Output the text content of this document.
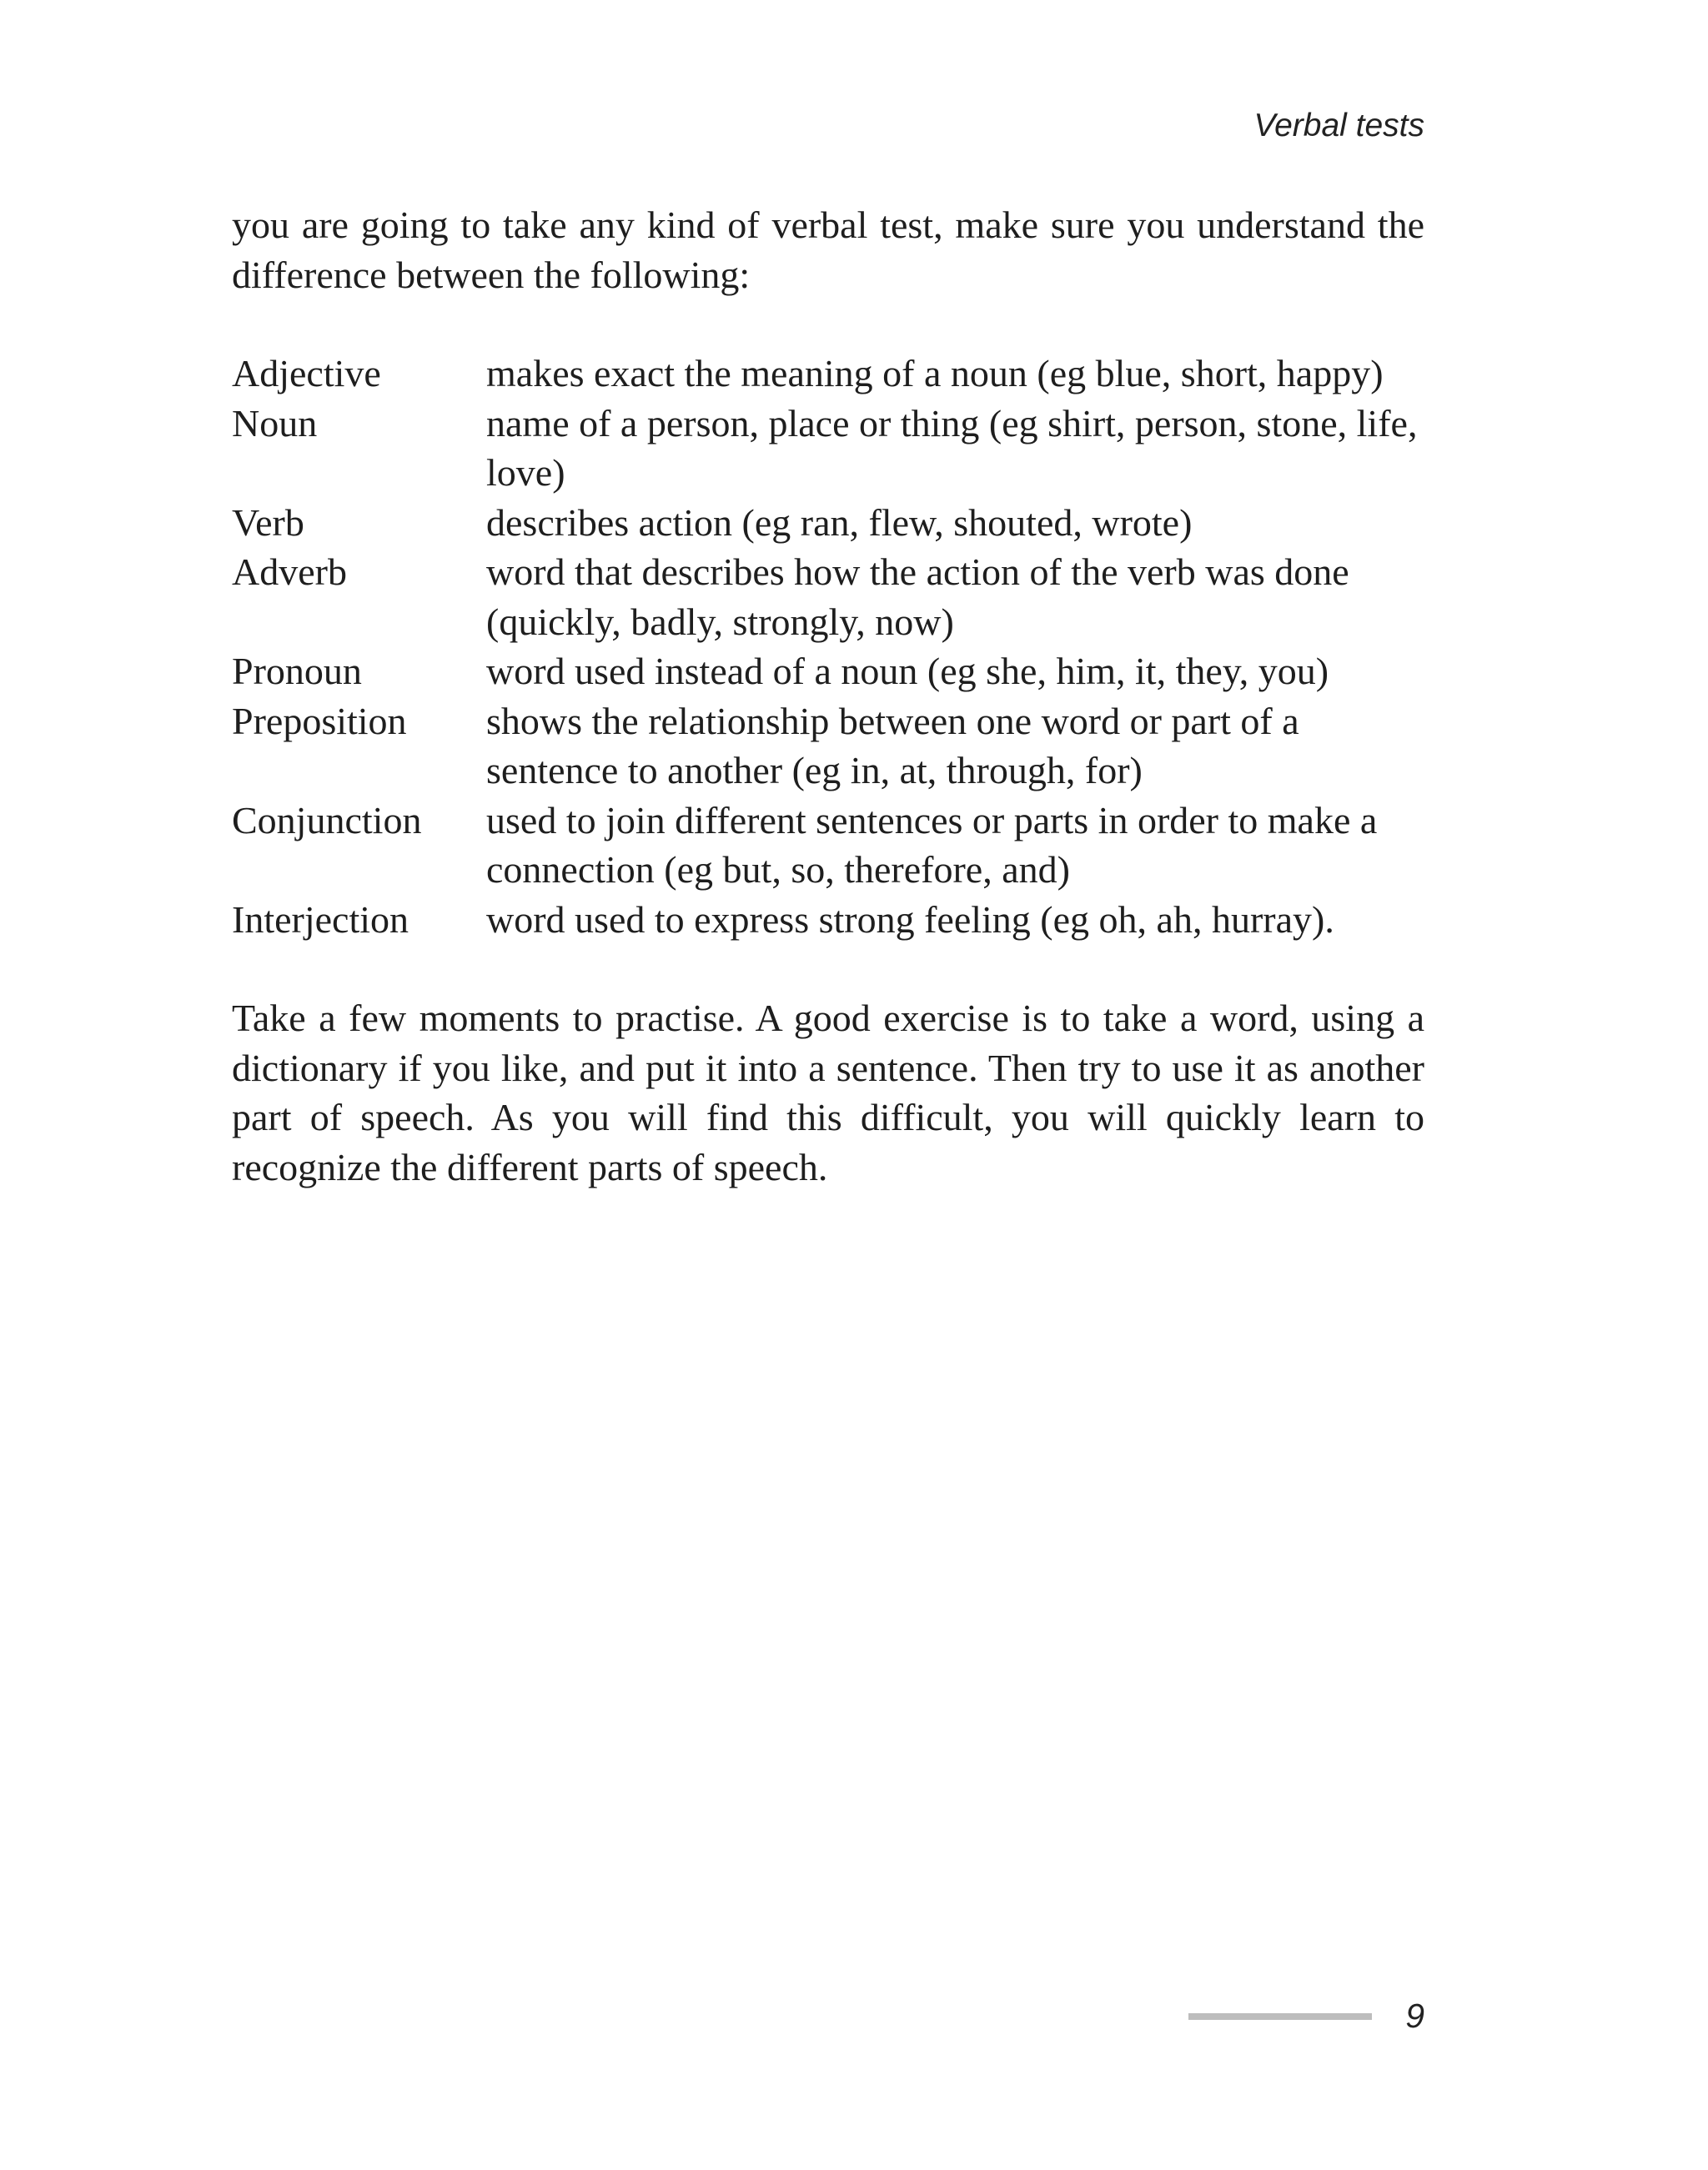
Verbal tests

you are going to take any kind of verbal test, make sure you understand the difference between the following:

Adjective	makes exact the meaning of a noun (eg blue, short, happy)
Noun	name of a person, place or thing (eg shirt, person, stone, life, love)
Verb	describes action (eg ran, flew, shouted, wrote)
Adverb	word that describes how the action of the verb was done (quickly, badly, strongly, now)
Pronoun	word used instead of a noun (eg she, him, it, they, you)
Preposition	shows the relationship between one word or part of a sentence to another (eg in, at, through, for)
Conjunction	used to join different sentences or parts in order to make a connection (eg but, so, therefore, and)
Interjection	word used to express strong feeling (eg oh, ah, hurray).

Take a few moments to practise. A good exercise is to take a word, using a dictionary if you like, and put it into a sentence. Then try to use it as another part of speech. As you will find this difficult, you will quickly learn to recognize the different parts of speech.

9
